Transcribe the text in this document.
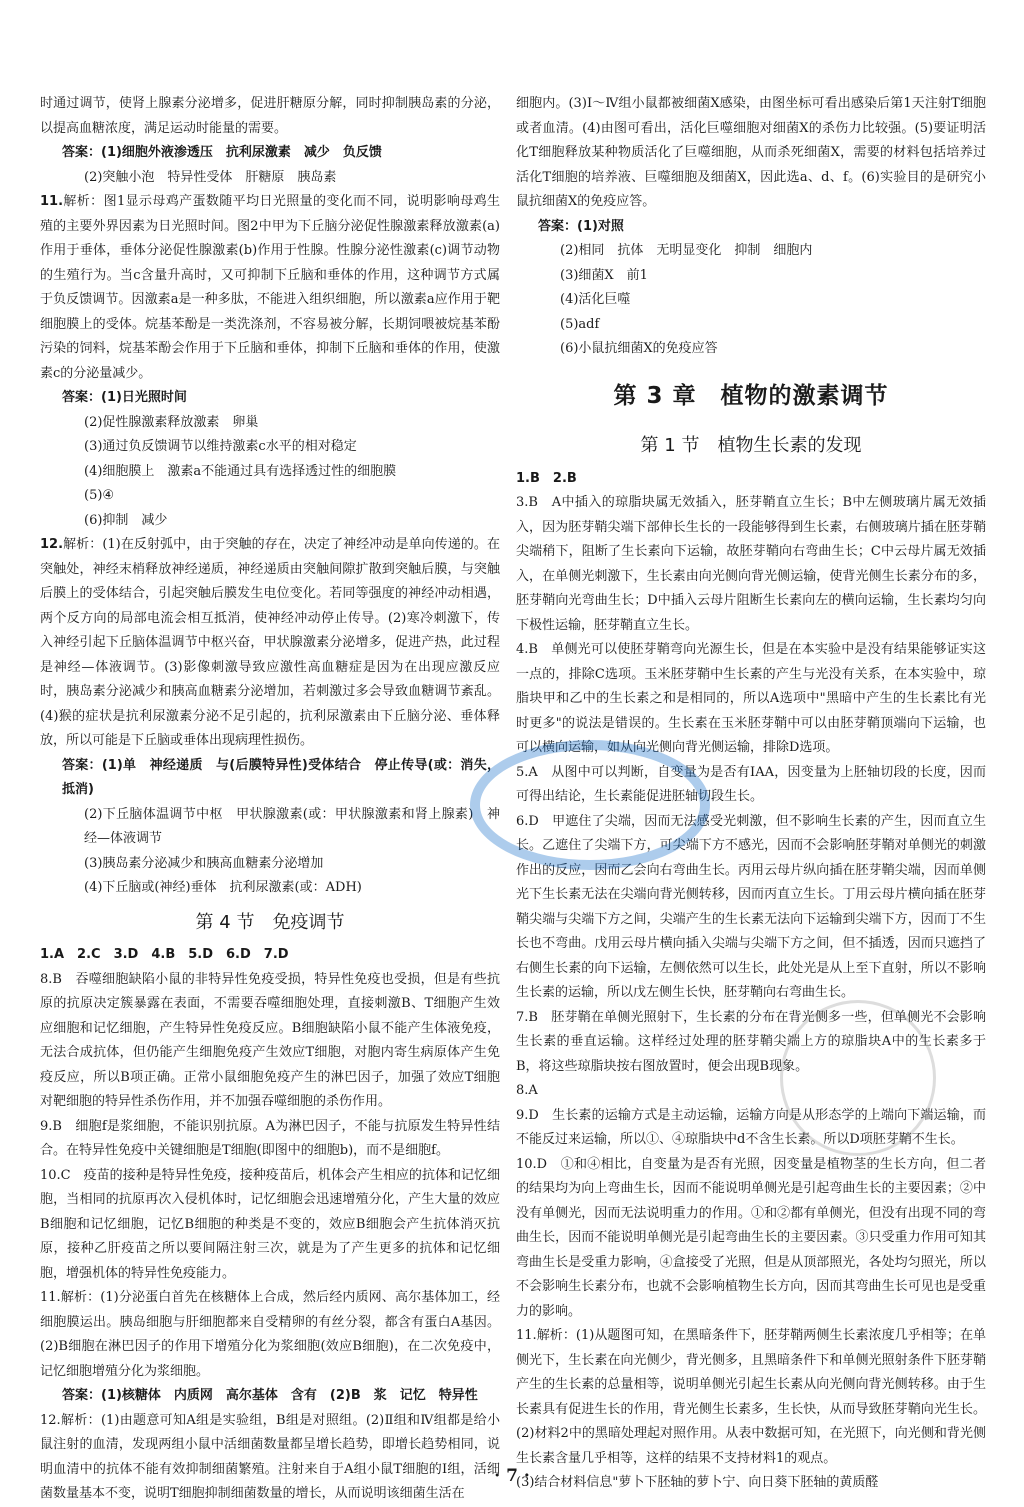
时通过调节，使肾上腺素分泌增多，促进肝糖原分解，同时抑制胰岛素的分泌，以提高血糖浓度，满足运动时能量的需要。

答案：(1)细胞外液渗透压　抗利尿激素　减少　负反馈

(2)突触小泡　特异性受体　肝糖原　胰岛素

11.解析：图1显示母鸡产蛋数随平均日光照量的变化而不同，说明影响母鸡生殖的主要外界因素为日光照时间。图2中甲为下丘脑分泌促性腺激素释放激素(a)作用于垂体，垂体分泌促性腺激素(b)作用于性腺。性腺分泌性激素(c)调节动物的生殖行为。当c含量升高时，又可抑制下丘脑和垂体的作用，这种调节方式属于负反馈调节。因激素a是一种多肽，不能进入组织细胞，所以激素a应作用于靶细胞膜上的受体。烷基苯酚是一类洗涤剂，不容易被分解，长期饲喂被烷基苯酚污染的饲料，烷基苯酚会作用于下丘脑和垂体，抑制下丘脑和垂体的作用，使激素c的分泌量减少。

答案：(1)日光照时间

(2)促性腺激素释放激素　卵巢

(3)通过负反馈调节以维持激素c水平的相对稳定

(4)细胞膜上　激素a不能通过具有选择透过性的细胞膜

(5)④

(6)抑制　减少

12.解析：(1)在反射弧中，由于突触的存在，决定了神经冲动是单向传递的。在突触处，神经末梢释放神经递质，神经递质由突触间隙扩散到突触后膜，与突触后膜上的受体结合，引起突触后膜发生电位变化。若同等强度的神经冲动相遇，两个反方向的局部电流会相互抵消，使神经冲动停止传导。(2)寒冷刺激下，传入神经引起下丘脑体温调节中枢兴奋，甲状腺激素分泌增多，促进产热，此过程是神经—体液调节。(3)影像刺激导致应激性高血糖症是因为在出现应激反应时，胰岛素分泌减少和胰高血糖素分泌增加，若刺激过多会导致血糖调节紊乱。(4)猴的症状是抗利尿激素分泌不足引起的，抗利尿激素由下丘脑分泌、垂体释放，所以可能是下丘脑或垂体出现病理性损伤。

答案：(1)单　神经递质　与(后膜特异性)受体结合　停止传导(或：消失，抵消)

(2)下丘脑体温调节中枢　甲状腺激素(或：甲状腺激素和肾上腺素)　神经—体液调节

(3)胰岛素分泌减少和胰高血糖素分泌增加

(4)下丘脑或(神经)垂体　抗利尿激素(或：ADH)

第 4 节　免疫调节

1.A　2.C　3.D　4.B　5.D　6.D　7.D

8.B　吞噬细胞缺陷小鼠的非特异性免疫受损，特异性免疫也受损，但是有些抗原的抗原决定簇暴露在表面，不需要吞噬细胞处理，直接刺激B、T细胞产生效应细胞和记忆细胞，产生特异性免疫反应。B细胞缺陷小鼠不能产生体液免疫，无法合成抗体，但仍能产生细胞免疫产生效应T细胞，对胞内寄生病原体产生免疫反应，所以B项正确。正常小鼠细胞免疫产生的淋巴因子，加强了效应T细胞对靶细胞的特异性杀伤作用，并不加强吞噬细胞的杀伤作用。

9.B　细胞f是浆细胞，不能识别抗原。A为淋巴因子，不能与抗原发生特异性结合。在特异性免疫中关键细胞是T细胞(即图中的细胞b)，而不是细胞f。

10.C　疫苗的接种是特异性免疫，接种疫苗后，机体会产生相应的抗体和记忆细胞，当相同的抗原再次入侵机体时，记忆细胞会迅速增殖分化，产生大量的效应B细胞和记忆细胞，记忆B细胞的种类是不变的，效应B细胞会产生抗体消灭抗原，接种乙肝疫苗之所以要间隔注射三次，就是为了产生更多的抗体和记忆细胞，增强机体的特异性免疫能力。

11.解析：(1)分泌蛋白首先在核糖体上合成，然后经内质网、高尔基体加工，经细胞膜运出。胰岛细胞与肝细胞都来自受精卵的有丝分裂，都含有蛋白A基因。(2)B细胞在淋巴因子的作用下增殖分化为浆细胞(效应B细胞)，在二次免疫中，记忆细胞增殖分化为浆细胞。

答案：(1)核糖体　内质网　高尔基体　含有　(2)B　浆　记忆　特异性

12.解析：(1)由题意可知A组是实验组，B组是对照组。(2)Ⅱ组和Ⅳ组都是给小鼠注射的血清，发现两组小鼠中活细菌数量都呈增长趋势，即增长趋势相同，说明血清中的抗体不能有效抑制细菌繁殖。注射来自于A组小鼠T细胞的Ⅰ组，活细菌数量基本不变，说明T细胞抑制细菌数量的增长，从而说明该细菌生活在

细胞内。(3)Ⅰ～Ⅳ组小鼠都被细菌X感染，由图坐标可看出感染后第1天注射T细胞或者血清。(4)由图可看出，活化巨噬细胞对细菌X的杀伤力比较强。(5)要证明活化T细胞释放某种物质活化了巨噬细胞，从而杀死细菌X，需要的材料包括培养过活化T细胞的培养液、巨噬细胞及细菌X，因此选a、d、f。(6)实验目的是研究小鼠抗细菌X的免疫应答。

答案：(1)对照

(2)相同　抗体　无明显变化　抑制　细胞内

(3)细菌X　前1

(4)活化巨噬

(5)adf

(6)小鼠抗细菌X的免疫应答

第 3 章　植物的激素调节
第 1 节　植物生长素的发现

1.B　2.B

3.B　A中插入的琼脂块属无效插入，胚芽鞘直立生长；B中左侧玻璃片属无效插入，因为胚芽鞘尖端下部伸长生长的一段能够得到生长素，右侧玻璃片插在胚芽鞘尖端稍下，阻断了生长素向下运输，故胚芽鞘向右弯曲生长；C中云母片属无效插入，在单侧光刺激下，生长素由向光侧向背光侧运输，使背光侧生长素分布的多，胚芽鞘向光弯曲生长；D中插入云母片阻断生长素向左的横向运输，生长素均匀向下极性运输，胚芽鞘直立生长。

4.B　单侧光可以使胚芽鞘弯向光源生长，但是在本实验中是没有结果能够证实这一点的，排除C选项。玉米胚芽鞘中生长素的产生与光没有关系，在本实验中，琼脂块甲和乙中的生长素之和是相同的，所以A选项中"黑暗中产生的生长素比有光时更多"的说法是错误的。生长素在玉米胚芽鞘中可以由胚芽鞘顶端向下运输，也可以横向运输，如从向光侧向背光侧运输，排除D选项。

5.A　从图中可以判断，自变量为是否有IAA，因变量为上胚轴切段的长度，因而可得出结论，生长素能促进胚轴切段生长。

6.D　甲遮住了尖端，因而无法感受光刺激，但不影响生长素的产生，因而直立生长。乙遮住了尖端下方，可尖端下方不感光，因而不会影响胚芽鞘对单侧光的刺激作出的反应，因而乙会向右弯曲生长。丙用云母片纵向插在胚芽鞘尖端，因而单侧光下生长素无法在尖端向背光侧转移，因而丙直立生长。丁用云母片横向插在胚芽鞘尖端与尖端下方之间，尖端产生的生长素无法向下运输到尖端下方，因而丁不生长也不弯曲。戊用云母片横向插入尖端与尖端下方之间，但不插透，因而只遮挡了右侧生长素的向下运输，左侧依然可以生长，此处光是从上至下直射，所以不影响生长素的运输，所以戊左侧生长快，胚芽鞘向右弯曲生长。

7.B　胚芽鞘在单侧光照射下，生长素的分布在背光侧多一些，但单侧光不会影响生长素的垂直运输。这样经过处理的胚芽鞘尖端上方的琼脂块A中的生长素多于B，将这些琼脂块按右图放置时，便会出现B现象。

8.A

9.D　生长素的运输方式是主动运输，运输方向是从形态学的上端向下端运输，而不能反过来运输，所以①、④琼脂块中d不含生长素。所以D项胚芽鞘不生长。

10.D　①和④相比，自变量为是否有光照，因变量是植物茎的生长方向，但二者的结果均为向上弯曲生长，因而不能说明单侧光是引起弯曲生长的主要因素；②中没有单侧光，因而无法说明重力的作用。①和②都有单侧光，但没有出现不同的弯曲生长，因而不能说明单侧光是引起弯曲生长的主要因素。③只受重力作用可知其弯曲生长是受重力影响，④盒接受了光照，但是从顶部照光，各处均匀照光，所以不会影响生长素分布，也就不会影响植物生长方向，因而其弯曲生长可见也是受重力的影响。

11.解析：(1)从题图可知，在黑暗条件下，胚芽鞘两侧生长素浓度几乎相等；在单侧光下，生长素在向光侧少，背光侧多，且黑暗条件下和单侧光照射条件下胚芽鞘产生的生长素的总量相等，说明单侧光引起生长素从向光侧向背光侧转移。由于生长素具有促进生长的作用，背光侧生长素多，生长快，从而导致胚芽鞘向光生长。(2)材料2中的黑暗处理起对照作用。从表中数据可知，在光照下，向光侧和背光侧生长素含量几乎相等，这样的结果不支持材料1的观点。

(3)结合材料信息"萝卜下胚轴的萝卜宁、向日葵下胚轴的黄质醛

· 7 ·
